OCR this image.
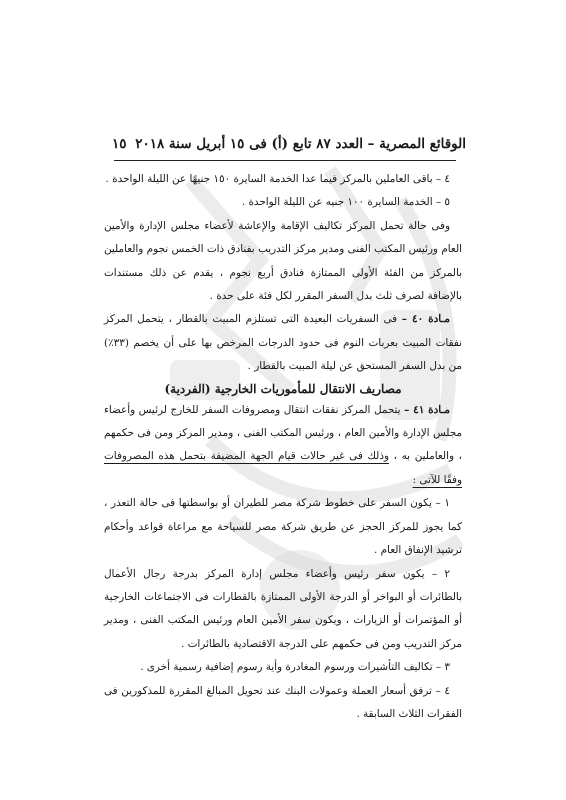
الوقائع المصرية – العدد ٨٧ تابع (أ) فى ١٥ أبريل سنة ٢٠١٨
١٥

٤ – باقى العاملين بالمركز فيما عدا الخدمة السايرة ١٥٠ جنيهًا عن الليلة الواحدة .

٥ – الخدمة السايرة ١٠٠ جنيه عن الليلة الواحدة .

وفى حالة تحمل المركز تكاليف الإقامة والإعاشة لأعضاء مجلس الإدارة والأمين العام ورئيس المكتب الفنى ومدير مركز التدريب بفنادق ذات الخمس نجوم والعاملين بالمركز من الفئة الأولى الممتازة فنادق أربع نجوم ، يقدم عن ذلك مستندات بالإضافة لصرف ثلث بدل السفر المقرر لكل فئة على حدة .

مـادة ٤٠ – فى السفريات البعيدة التى تستلزم المبيت بالقطار ، يتحمل المركز نفقات المبيت بعربات النوم فى حدود الدرجات المرخص بها على أن يخصم (٣٣٪) من بدل السفر المستحق عن ليلة المبيت بالقطار .

مصاريف الانتقال للمأموريات الخارجية (الفردية)

مـادة ٤١ – يتحمل المركز نفقات انتقال ومصروفات السفر للخارج لرئيس وأعضاء مجلس الإدارة والأمين العام ، ورئيس المكتب الفنى ، ومدير المركز ومن فى حكمهم ، والعاملين به ، وذلك فى غير حالات قيام الجهة المضيفة بتحمل هذه المصروفات وفقًا للآتى :

١ – يكون السفر على خطوط شركة مصر للطيران أو بواسطتها فى حالة التعذر ، كما يجوز للمركز الحجز عن طريق شركة مصر للسياحة مع مراعاة قواعد وأحكام ترشيد الإنفاق العام .

٢ – يكون سفر رئيس وأعضاء مجلس إدارة المركز بدرجة رجال الأعمال بالطائرات أو البواخر أو الدرجة الأولى الممتازة بالقطارات فى الاجتماعات الخارجية أو المؤتمرات أو الزيارات ، ويكون سفر الأمين العام ورئيس المكتب الفنى ، ومدير مركز التدريب ومن فى حكمهم على الدرجة الاقتصادية بالطائرات .

٣ – تكاليف التأشيرات ورسوم المغادرة وأية رسوم إضافية رسمية أخرى .

٤ – ترفق أسعار العملة وعمولات البنك عند تحويل المبالغ المقررة للمذكورين فى الفقرات الثلاث السابقة .
